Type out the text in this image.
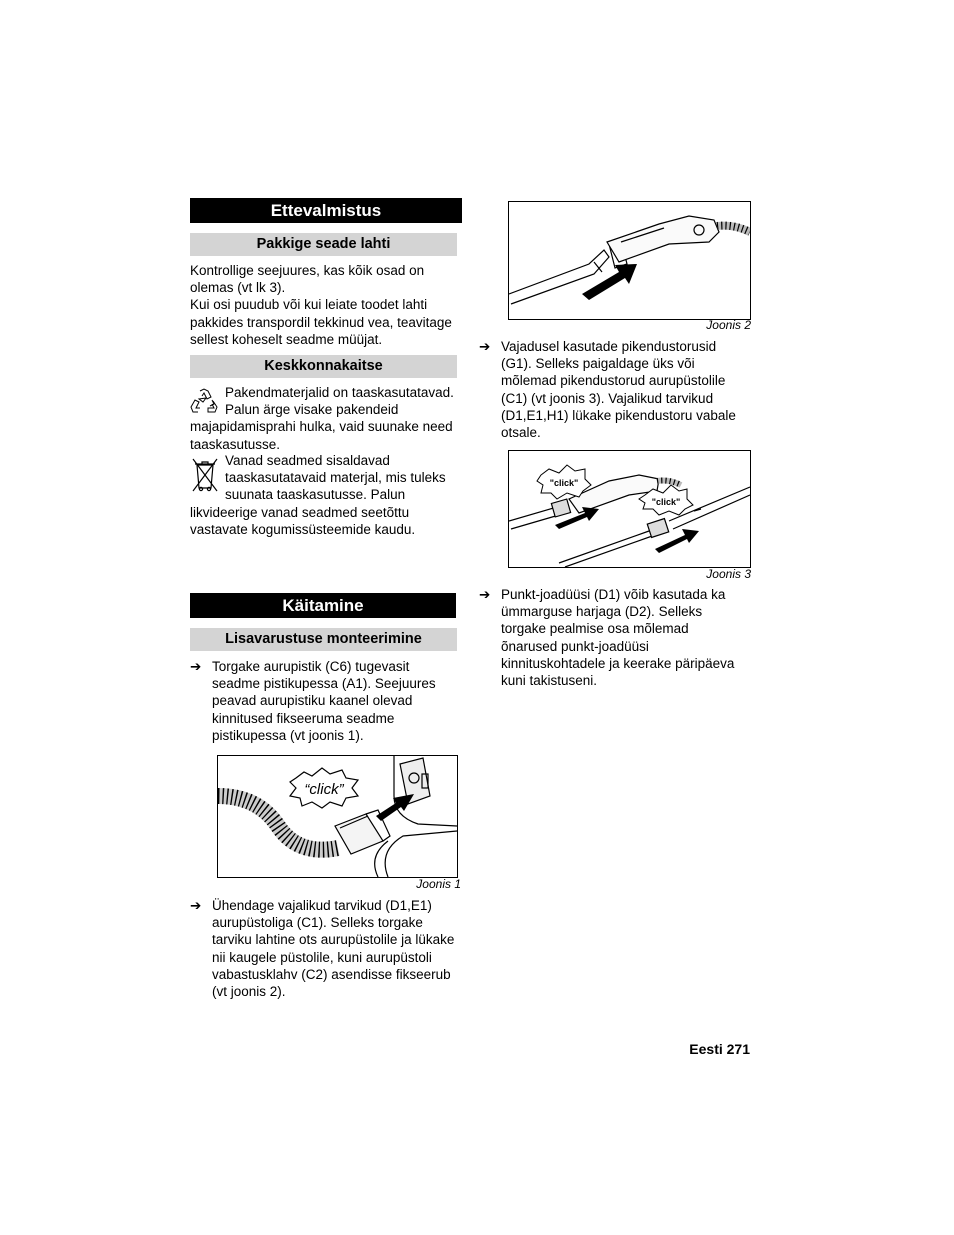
Ettevalmistus
Pakkige seade lahti
Kontrollige seejuures, kas kõik osad on
olemas (vt lk 3).
Kui osi puudub või kui leiate toodet lahti
pakkides transpordil tekkinud vea, teavitage
sellest koheselt seadme müüjat.
Keskkonnakaitse
Pakendmaterjalid on taaskasutatavad.
Palun ärge visake pakendeid
majapidamisprahi hulka, vaid suunake need
taaskasutusse.
Vanad seadmed sisaldavad
taaskasutatavaid materjal, mis tuleks
suunata taaskasutusse. Palun
likvideerige vanad seadmed seetõttu
vastavate kogumissüsteemide kaudu.
Käitamine
Lisavarustuse monteerimine
➔ Torgake aurupistik (C6) tugevasit
seadme pistikupessa (A1). Seejuures
peavad aurupistiku kaanel olevad
kinnitused fikseeruma seadme
pistikupessa (vt joonis 1).
“click”
Joonis 1
➔ Ühendage vajalikud tarvikud (D1,E1)
aurupüstoliga (C1). Selleks torgake
tarviku lahtine ots aurupüstolile ja lükake
nii kaugele püstolile, kuni aurupüstoli
vabastusklahv (C2) asendisse fikseerub
(vt joonis 2).
Joonis 2
➔ Vajadusel kasutade pikendustorusid
(G1). Selleks paigaldage üks või
mõlemad pikendustorud aurupüstolile
(C1) (vt joonis 3). Vajalikud tarvikud
(D1,E1,H1) lükake pikendustoru vabale
otsale.
"click"
"click"
Joonis 3
➔ Punkt-joadüüsi (D1) võib kasutada ka
ümmarguse harjaga (D2). Selleks
torgake pealmise osa mõlemad
õnarused punkt-joadüüsi
kinnituskohtadele ja keerake päripäeva
kuni takistuseni.
Eesti 271
